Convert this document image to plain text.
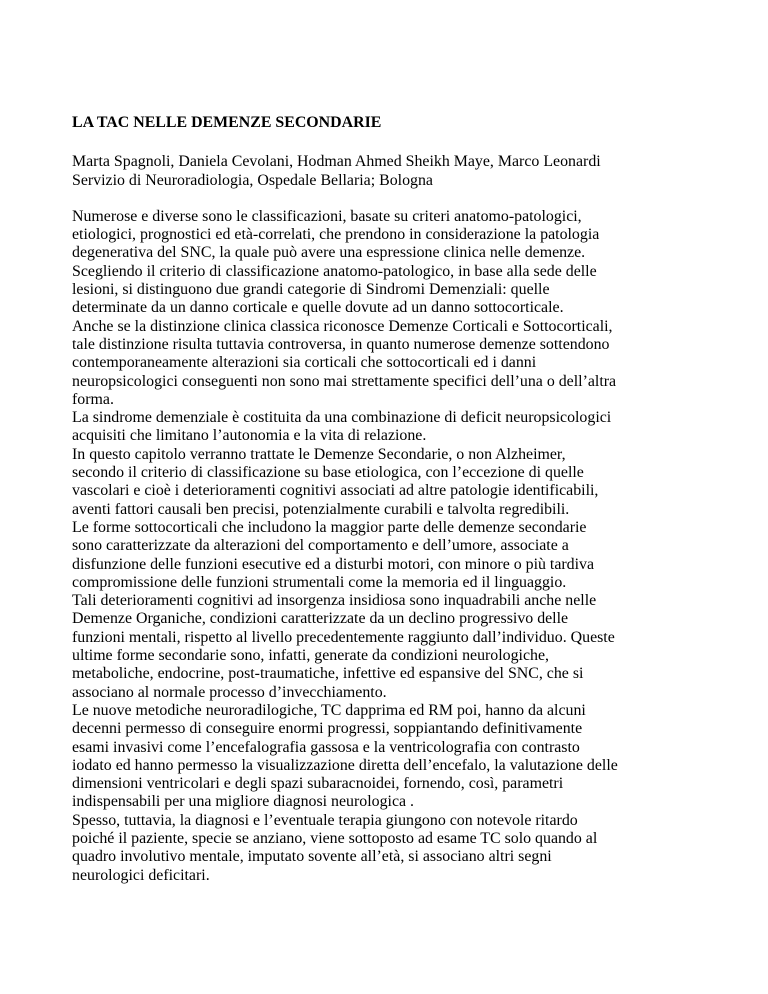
LA TAC NELLE DEMENZE SECONDARIE
Marta Spagnoli, Daniela Cevolani, Hodman Ahmed Sheikh Maye, Marco Leonardi
Servizio di Neuroradiologia, Ospedale Bellaria; Bologna
Numerose e diverse sono le classificazioni, basate su criteri anatomo-patologici,
etiologici, prognostici ed età-correlati, che prendono in considerazione la patologia
degenerativa del SNC, la quale può avere una espressione clinica nelle demenze.
Scegliendo il criterio di classificazione anatomo-patologico, in base alla sede delle
lesioni, si distinguono due grandi categorie di Sindromi Demenziali: quelle
determinate da un danno corticale e quelle dovute ad un danno sottocorticale.
Anche se la distinzione clinica classica riconosce Demenze Corticali e Sottocorticali,
tale distinzione risulta tuttavia controversa, in quanto numerose demenze sottendono
contemporaneamente alterazioni sia corticali che sottocorticali ed i danni
neuropsicologici conseguenti non sono mai strettamente specifici dell’una o dell’altra
forma.
La sindrome demenziale è costituita da una combinazione di deficit neuropsicologici
acquisiti che limitano l’autonomia e la vita di relazione.
In questo capitolo verranno trattate le Demenze Secondarie, o non Alzheimer,
secondo il criterio di classificazione su base etiologica, con l’eccezione di quelle
vascolari e cioè i deterioramenti cognitivi associati ad altre patologie identificabili,
aventi fattori causali ben precisi, potenzialmente curabili e talvolta regredibili.
Le forme sottocorticali che includono la maggior parte delle demenze secondarie
sono caratterizzate da alterazioni del comportamento e dell’umore, associate a
disfunzione delle funzioni esecutive ed a disturbi motori, con minore o più tardiva
compromissione delle funzioni strumentali come la memoria ed il linguaggio.
Tali deterioramenti cognitivi ad insorgenza insidiosa sono inquadrabili anche nelle
Demenze Organiche, condizioni caratterizzate da un declino progressivo delle
funzioni mentali, rispetto al livello precedentemente raggiunto dall’individuo. Queste
ultime forme secondarie sono, infatti, generate da condizioni neurologiche,
metaboliche, endocrine, post-traumatiche, infettive ed espansive del SNC, che si
associano al normale processo d’invecchiamento.
Le nuove metodiche neuroradilogiche, TC dapprima ed RM poi, hanno da alcuni
decenni permesso di conseguire enormi progressi, soppiantando definitivamente
esami invasivi come l’encefalografia gassosa e la ventricolografia con contrasto
iodato ed hanno permesso la visualizzazione diretta dell’encefalo, la valutazione delle
dimensioni ventricolari e degli spazi subaracnoidei, fornendo, così, parametri
indispensabili per una migliore diagnosi neurologica .
Spesso, tuttavia, la diagnosi e l’eventuale terapia giungono con notevole ritardo
poiché il paziente, specie se anziano, viene sottoposto ad esame TC solo quando al
quadro involutivo mentale, imputato sovente all’età, si associano altri segni
neurologici deficitari.
